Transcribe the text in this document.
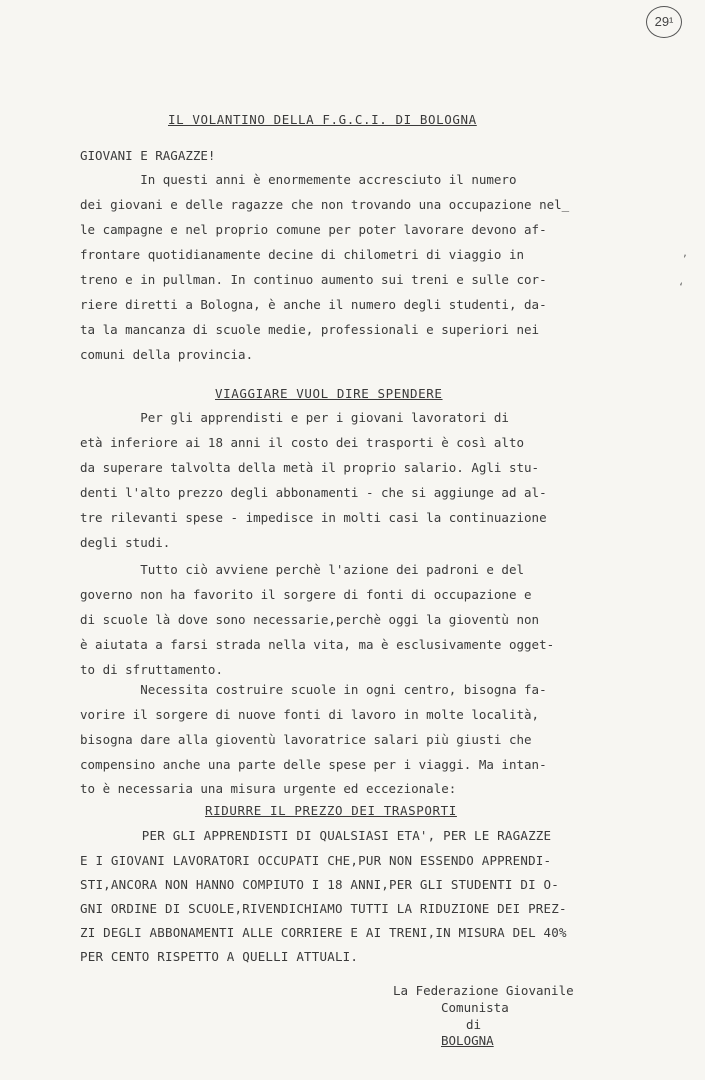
29¹
,
‘
IL VOLANTINO DELLA F.G.C.I. DI BOLOGNA
GIOVANI E RAGAZZE!
In questi anni è enormemente accresciuto il numero
dei giovani e delle ragazze che non trovando una occupazione nel_
le campagne e nel proprio comune per poter lavorare devono af-
frontare quotidianamente decine di chilometri di viaggio in
treno e in pullman. In continuo aumento sui treni e sulle cor-
riere diretti a Bologna, è anche il numero degli studenti, da-
ta la mancanza di scuole medie, professionali e superiori nei
comuni della provincia.
VIAGGIARE VUOL DIRE SPENDERE
Per gli apprendisti e per i giovani lavoratori di
età inferiore ai 18 anni il costo dei trasporti è così alto
da superare talvolta della metà il proprio salario. Agli stu-
denti l'alto prezzo degli abbonamenti - che si aggiunge ad al-
tre rilevanti spese - impedisce in molti casi la continuazione
degli studi.
Tutto ciò avviene perchè l'azione dei padroni e del
governo non ha favorito il sorgere di fonti di occupazione e
di scuole là dove sono necessarie,perchè oggi la gioventù non
è aiutata a farsi strada nella vita, ma è esclusivamente ogget-
to di sfruttamento.
Necessita costruire scuole in ogni centro, bisogna fa-
vorire il sorgere di nuove fonti di lavoro in molte località,
bisogna dare alla gioventù lavoratrice salari più giusti che
compensino anche una parte delle spese per i viaggi. Ma intan-
to è necessaria una misura urgente ed eccezionale:
RIDURRE IL PREZZO DEI TRASPORTI
PER GLI APPRENDISTI DI QUALSIASI ETA', PER LE RAGAZZE
E I GIOVANI LAVORATORI OCCUPATI CHE,PUR NON ESSENDO APPRENDI-
STI,ANCORA NON HANNO COMPIUTO I 18 ANNI,PER GLI STUDENTI DI O-
GNI ORDINE DI SCUOLE,RIVENDICHIAMO TUTTI LA RIDUZIONE DEI PREZ-
ZI DEGLI ABBONAMENTI ALLE CORRIERE E AI TRENI,IN MISURA DEL 40%
PER CENTO RISPETTO A QUELLI ATTUALI.
La Federazione Giovanile
Comunista
di
BOLOGNA
